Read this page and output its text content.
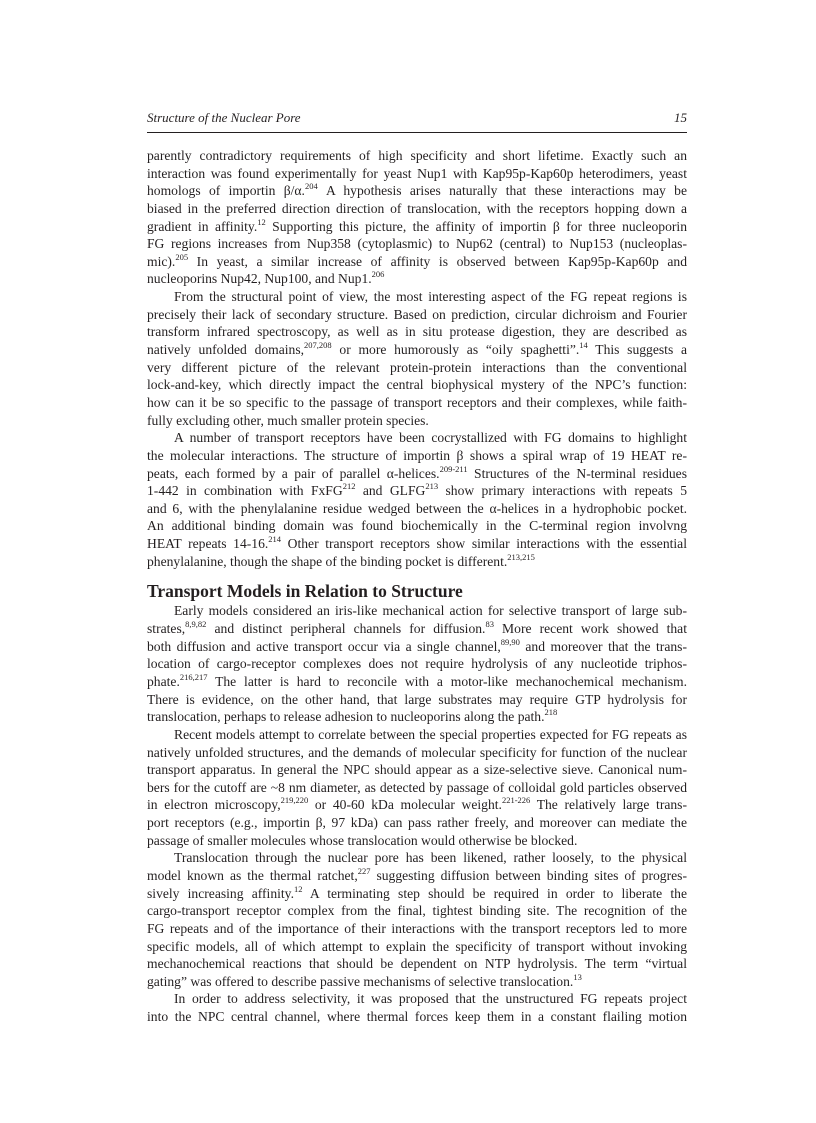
Structure of the Nuclear Pore	15
parently contradictory requirements of high specificity and short lifetime. Exactly such an
interaction was found experimentally for yeast Nup1 with Kap95p-Kap60p heterodimers, yeast
homologs of importin β/α.$^{204}$ A hypothesis arises naturally that these interactions may be
biased in the preferred direction direction of translocation, with the receptors hopping down a
gradient in affinity.$^{12}$ Supporting this picture, the affinity of importin β for three nucleoporin
FG regions increases from Nup358 (cytoplasmic) to Nup62 (central) to Nup153 (nucleoplas-
mic).$^{205}$ In yeast, a similar increase of affinity is observed between Kap95p-Kap60p and
nucleoporins Nup42, Nup100, and Nup1.$^{206}$
From the structural point of view, the most interesting aspect of the FG repeat regions is
precisely their lack of secondary structure. Based on prediction, circular dichroism and Fourier
transform infrared spectroscopy, as well as in situ protease digestion, they are described as
natively unfolded domains,$^{207,208}$ or more humorously as “oily spaghetti”.$^{14}$ This suggests a
very different picture of the relevant protein-protein interactions than the conventional
lock-and-key, which directly impact the central biophysical mystery of the NPC’s function:
how can it be so specific to the passage of transport receptors and their complexes, while faith-
fully excluding other, much smaller protein species.
A number of transport receptors have been cocrystallized with FG domains to highlight
the molecular interactions. The structure of importin β shows a spiral wrap of 19 HEAT re-
peats, each formed by a pair of parallel α-helices.$^{209-211}$ Structures of the N-terminal residues
1-442 in combination with FxFG$^{212}$ and GLFG$^{213}$ show primary interactions with repeats 5
and 6, with the phenylalanine residue wedged between the α-helices in a hydrophobic pocket.
An additional binding domain was found biochemically in the C-terminal region involvng
HEAT repeats 14-16.$^{214}$ Other transport receptors show similar interactions with the essential
phenylalanine, though the shape of the binding pocket is different.$^{213,215}$
Transport Models in Relation to Structure
Early models considered an iris-like mechanical action for selective transport of large sub-
strates,$^{8,9,82}$ and distinct peripheral channels for diffusion.$^{83}$ More recent work showed that
both diffusion and active transport occur via a single channel,$^{89,90}$ and moreover that the trans-
location of cargo-receptor complexes does not require hydrolysis of any nucleotide triphos-
phate.$^{216,217}$ The latter is hard to reconcile with a motor-like mechanochemical mechanism.
There is evidence, on the other hand, that large substrates may require GTP hydrolysis for
translocation, perhaps to release adhesion to nucleoporins along the path.$^{218}$
Recent models attempt to correlate between the special properties expected for FG repeats as
natively unfolded structures, and the demands of molecular specificity for function of the nuclear
transport apparatus. In general the NPC should appear as a size-selective sieve. Canonical num-
bers for the cutoff are ~8 nm diameter, as detected by passage of colloidal gold particles observed
in electron microscopy,$^{219,220}$ or 40-60 kDa molecular weight.$^{221-226}$ The relatively large trans-
port receptors (e.g., importin β, 97 kDa) can pass rather freely, and moreover can mediate the
passage of smaller molecules whose translocation would otherwise be blocked.
Translocation through the nuclear pore has been likened, rather loosely, to the physical
model known as the thermal ratchet,$^{227}$ suggesting diffusion between binding sites of progres-
sively increasing affinity.$^{12}$ A terminating step should be required in order to liberate the
cargo-transport receptor complex from the final, tightest binding site. The recognition of the
FG repeats and of the importance of their interactions with the transport receptors led to more
specific models, all of which attempt to explain the specificity of transport without invoking
mechanochemical reactions that should be dependent on NTP hydrolysis. The term “virtual
gating” was offered to describe passive mechanisms of selective translocation.$^{13}$
In order to address selectivity, it was proposed that the unstructured FG repeats project
into the NPC central channel, where thermal forces keep them in a constant flailing motion
